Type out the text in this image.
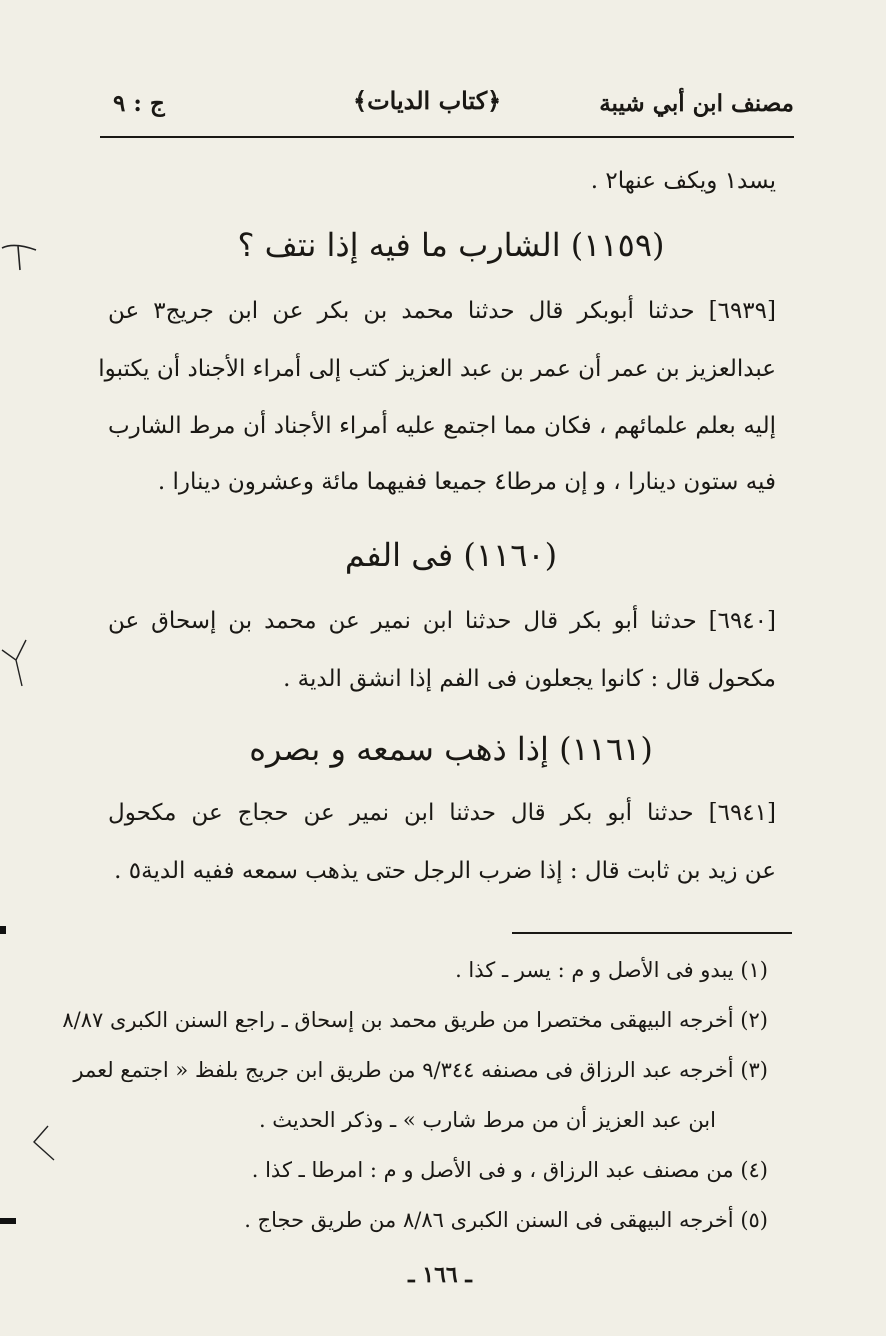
مصنف ابن أبي شيبة
﴿كتاب الديات﴾
ج : ٩
يسد١ ويكف عنها٢ .
(١١٥٩) الشارب ما فيه إذا نتف ؟
[٦٩٣٩] حدثنا أبوبكر قال حدثنا محمد بن بكر عن ابن جريج٣ عن
عبدالعزيز بن عمر أن عمر بن عبد العزيز كتب إلى أمراء الأجناد أن يكتبوا
إليه بعلم علمائهم ، فكان مما اجتمع عليه أمراء الأجناد أن مرط الشارب
فيه ستون دينارا ، و إن مرطا٤ جميعا ففيهما مائة وعشرون دينارا .
(١١٦٠) فى الفم
[٦٩٤٠] حدثنا أبو بكر قال حدثنا ابن نمير عن محمد بن إسحاق عن
مكحول قال : كانوا يجعلون فى الفم إذا انشق الدية .
(١١٦١) إذا ذهب سمعه و بصره
[٦٩٤١] حدثنا أبو بكر قال حدثنا ابن نمير عن حجاج عن مكحول
عن زيد بن ثابت قال : إذا ضرب الرجل حتى يذهب سمعه ففيه الدية٥ .
(١) يبدو فى الأصل و م : يسر ـ كذا .
(٢) أخرجه البيهقى مختصرا من طريق محمد بن إسحاق ـ راجع السنن الكبرى ٨/٨٧
(٣) أخرجه عبد الرزاق فى مصنفه ٩/٣٤٤ من طريق ابن جريج بلفظ « اجتمع لعمر
ابن عبد العزيز أن من مرط شارب » ـ وذكر الحديث .
(٤) من مصنف عبد الرزاق ، و فى الأصل و م : امرطا ـ كذا .
(٥) أخرجه البيهقى فى السنن الكبرى ٨/٨٦ من طريق حجاج .
ـ ١٦٦ ـ
